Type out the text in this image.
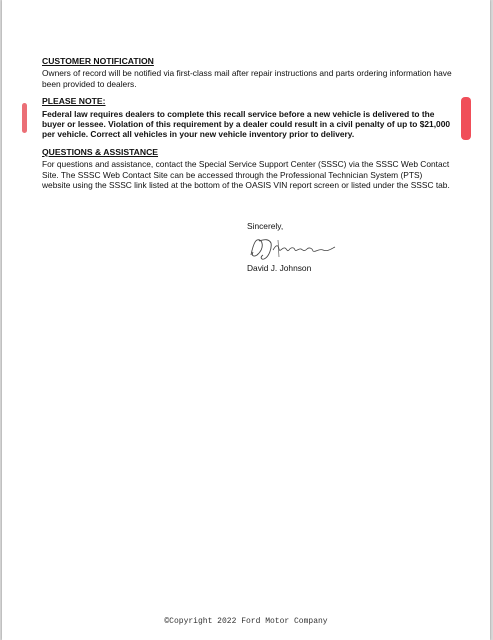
CUSTOMER NOTIFICATION
Owners of record will be notified via first-class mail after repair instructions and parts ordering information have been provided to dealers.
PLEASE NOTE:
Federal law requires dealers to complete this recall service before a new vehicle is delivered to the buyer or lessee. Violation of this requirement by a dealer could result in a civil penalty of up to $21,000 per vehicle. Correct all vehicles in your new vehicle inventory prior to delivery.
QUESTIONS & ASSISTANCE
For questions and assistance, contact the Special Service Support Center (SSSC) via the SSSC Web Contact Site. The SSSC Web Contact Site can be accessed through the Professional Technician System (PTS) website using the SSSC link listed at the bottom of the OASIS VIN report screen or listed under the SSSC tab.
Sincerely,
David J. Johnson
©Copyright 2022 Ford Motor Company
